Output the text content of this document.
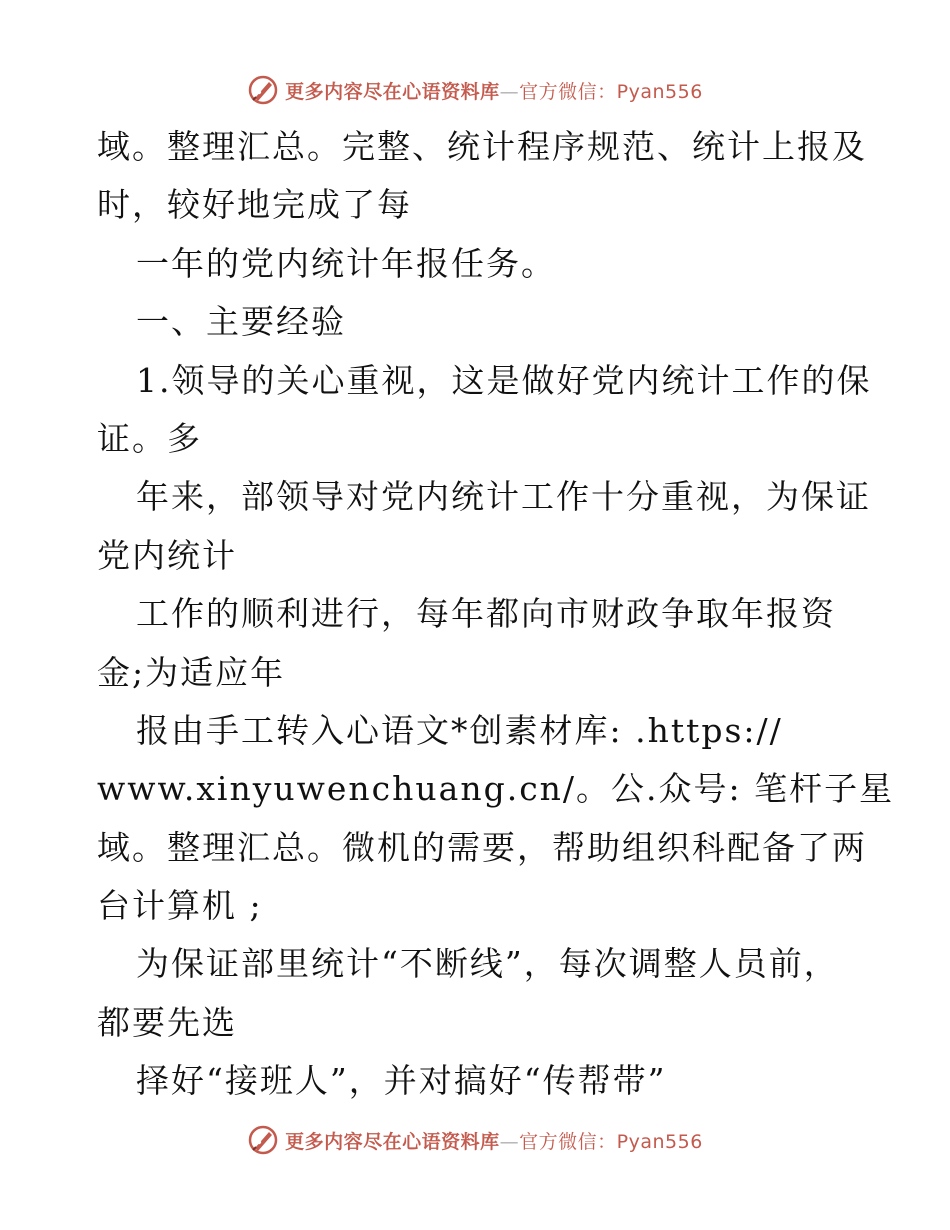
更多内容尽在心语资料库—官方微信：Pyan556
域。整理汇总。完整、统计程序规范、统计上报及
时，较好地完成了每
一年的党内统计年报任务。
一、主要经验
1.领导的关心重视，这是做好党内统计工作的保
证。多
年来，部领导对党内统计工作十分重视，为保证
党内统计
工作的顺利进行，每年都向市财政争取年报资
金;为适应年
报由手工转入心语文*创素材库: .https://
www.xinyuwenchuang.cn/。公.众号: 笔杆子星
域。整理汇总。微机的需要，帮助组织科配备了两
台计算机 ;
为保证部里统计“不断线”，每次调整人员前，
都要先选
择好“接班人”，并对搞好“传帮带”
更多内容尽在心语资料库—官方微信：Pyan556
